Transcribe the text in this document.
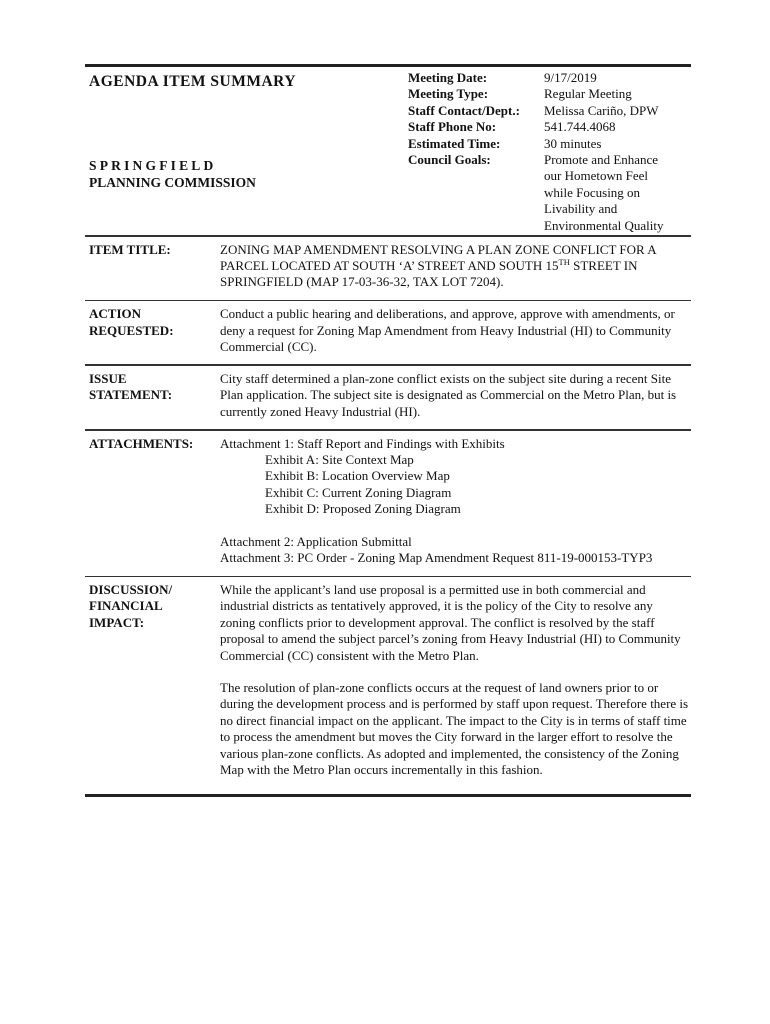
AGENDA ITEM SUMMARY
SPRINGFIELD
PLANNING COMMISSION
Meeting Date:	9/17/2019
Meeting Type:	Regular Meeting
Staff Contact/Dept.:	Melissa Cariño, DPW
Staff Phone No:	541.744.4068
Estimated Time:	30 minutes
Council Goals:	Promote and Enhance
our Hometown Feel
while Focusing on
Livability and
Environmental Quality
ITEM TITLE:	ZONING MAP AMENDMENT RESOLVING A PLAN ZONE CONFLICT FOR A PARCEL LOCATED AT SOUTH ‘A’ STREET AND SOUTH 15TH STREET IN SPRINGFIELD (MAP 17-03-36-32, TAX LOT 7204).
ACTION
REQUESTED:
Conduct a public hearing and deliberations, and approve, approve with amendments, or deny a request for Zoning Map Amendment from Heavy Industrial (HI) to Community Commercial (CC).
ISSUE
STATEMENT:
City staff determined a plan-zone conflict exists on the subject site during a recent Site Plan application. The subject site is designated as Commercial on the Metro Plan, but is currently zoned Heavy Industrial (HI).
ATTACHMENTS:	Attachment 1: Staff Report and Findings with Exhibits
Exhibit A: Site Context Map
Exhibit B: Location Overview Map
Exhibit C: Current Zoning Diagram
Exhibit D: Proposed Zoning Diagram
Attachment 2: Application Submittal
Attachment 3: PC Order - Zoning Map Amendment Request 811-19-000153-TYP3
DISCUSSION/
FINANCIAL
IMPACT:

While the applicant’s land use proposal is a permitted use in both commercial and industrial districts as tentatively approved, it is the policy of the City to resolve any zoning conflicts prior to development approval. The conflict is resolved by the staff proposal to amend the subject parcel’s zoning from Heavy Industrial (HI) to Community Commercial (CC) consistent with the Metro Plan.

The resolution of plan-zone conflicts occurs at the request of land owners prior to or during the development process and is performed by staff upon request. Therefore there is no direct financial impact on the applicant. The impact to the City is in terms of staff time to process the amendment but moves the City forward in the larger effort to resolve the various plan-zone conflicts. As adopted and implemented, the consistency of the Zoning Map with the Metro Plan occurs incrementally in this fashion.
